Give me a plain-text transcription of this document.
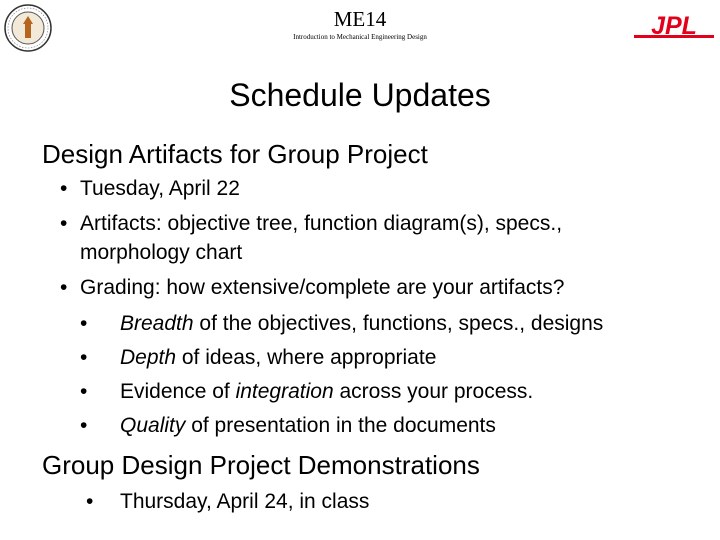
ME14
Introduction to Mechanical Engineering Design	JPL
Schedule Updates
Design Artifacts for Group Project
• Tuesday, April 22
• Artifacts: objective tree, function diagram(s), specs.,
morphology chart
• Grading: how extensive/complete are your artifacts?
• Breadth of the objectives, functions, specs., designs
• Depth of ideas, where appropriate
• Evidence of integration across your process.
• Quality of presentation in the documents
Group Design Project Demonstrations
• Thursday, April 24, in class
